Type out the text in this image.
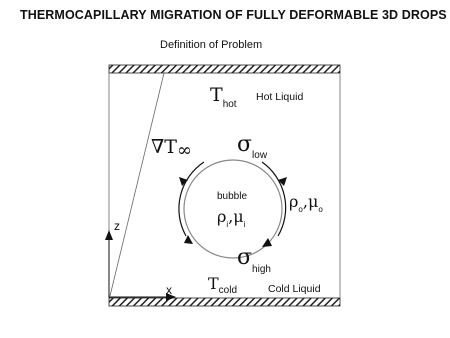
THERMOCAPILLARY MIGRATION OF FULLY DEFORMABLE 3D DROPS
Definition of Problem
$T_{hot}$
Hot Liquid
∇T∞ $\sigma_{low}$
bubble
$\rho_i,\mu_i$
$\rho_o,\mu_o$
$\sigma_{high}$
z
x $T_{cold}$	Cold Liquid
